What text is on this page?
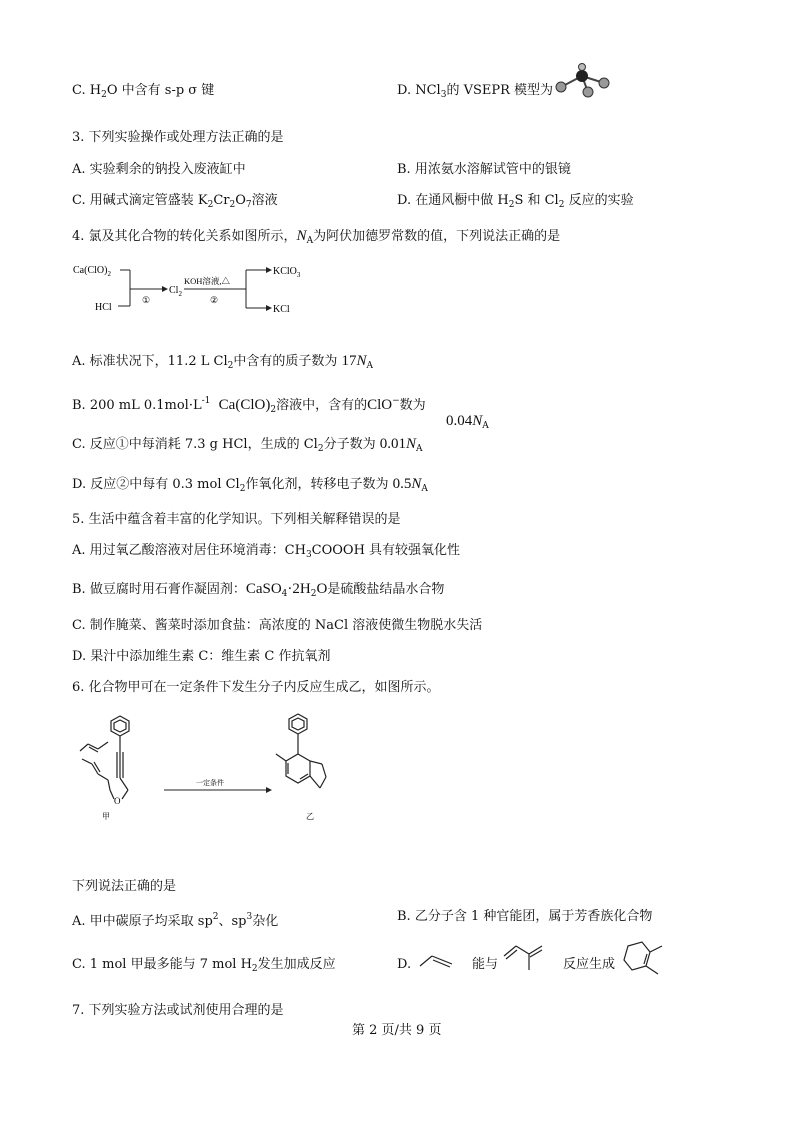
C. $H_2O$ 中含有 s-p σ 键	D. NCl$_3$的 VSEPR 模型为
3. 下列实验操作或处理方法正确的是
A. 实验剩余的钠投入废液缸中	B. 用浓氨水溶解试管中的银镜
C. 用碱式滴定管盛装 $K_2Cr_2O_7$溶液	D. 在通风橱中做 $H_2S$ 和 $Cl_2$ 反应的实验
4. 氯及其化合物的转化关系如图所示，$N_A$为阿伏加德罗常数的值，下列说法正确的是
$Ca(ClO)_2$
HCl
①
$Cl_2$
KOH溶液,△
②
KClO$_3$
KCl
A. 标准状况下，11.2 L $Cl_2$中含有的质子数为 $17N_A$
B. 200 mL $0.1mol\cdot L^{-1}$ $Ca(ClO)_2$溶液中，含有的ClO−数为
$0.04N_A$
C. 反应①中每消耗 7.3 g HCl，生成的 $Cl_2$分子数为 $0.01N_A$
D. 反应②中每有 0.3 mol $Cl_2$作氧化剂，转移电子数为 $0.5N_A$
5. 生活中蕴含着丰富的化学知识。下列相关解释错误的是
A. 用过氧乙酸溶液对居住环境消毒：$CH_3COOOH$ 具有较强氧化性
B. 做豆腐时用石膏作凝固剂：$CaSO_4\cdot 2H_2O$是硫酸盐结晶水合物
C. 制作腌菜、酱菜时添加食盐：高浓度的 NaCl 溶液使微生物脱水失活
D. 果汁中添加维生素 C：维生素 C 作抗氧剂
6. 化合物甲可在一定条件下发生分子内反应生成乙，如图所示。
O
甲
一定条件
乙
下列说法正确的是
A. 甲中碳原子均采取 $sp^2$、$sp^3$杂化	B. 乙分子含 1 种官能团，属于芳香族化合物
C. 1 mol 甲最多能与 7 mol $H_2$发生加成反应	D.	能与	反应生成
7. 下列实验方法或试剂使用合理的是
第 2 页/共 9 页
